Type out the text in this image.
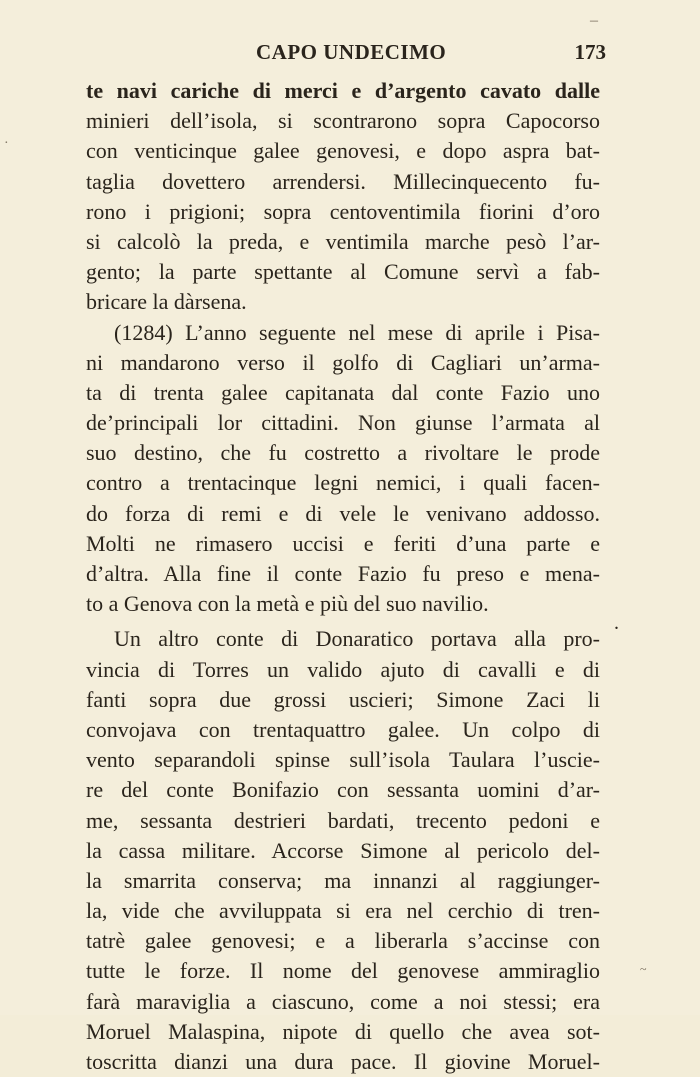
–
·
.
~
CAPO UNDECIMO	173
te navi cariche di merci e d’argento cavato dalle
minieri dell’isola, si scontrarono sopra Capocorso
con venticinque galee genovesi, e dopo aspra bat-
taglia dovettero arrendersi. Millecinquecento fu-
rono i prigioni; sopra centoventimila fiorini d’oro
si calcolò la preda, e ventimila marche pesò l’ar-
gento; la parte spettante al Comune servì a fab-
bricare la dàrsena.
(1284) L’anno seguente nel mese di aprile i Pisa-
ni mandarono verso il golfo di Cagliari un’arma-
ta di trenta galee capitanata dal conte Fazio uno
de’principali lor cittadini. Non giunse l’armata al
suo destino, che fu costretto a rivoltare le prode
contro a trentacinque legni nemici, i quali facen-
do forza di remi e di vele le venivano addosso.
Molti ne rimasero uccisi e feriti d’una parte e
d’altra. Alla fine il conte Fazio fu preso e mena-
to a Genova con la metà e più del suo navilio.
Un altro conte di Donaratico portava alla pro-
vincia di Torres un valido ajuto di cavalli e di
fanti sopra due grossi uscieri; Simone Zaci li
convojava con trentaquattro galee. Un colpo di
vento separandoli spinse sull’isola Taulara l’uscie-
re del conte Bonifazio con sessanta uomini d’ar-
me, sessanta destrieri bardati, trecento pedoni e
la cassa militare. Accorse Simone al pericolo del-
la smarrita conserva; ma innanzi al raggiunger-
la, vide che avviluppata si era nel cerchio di tren-
tatrè galee genovesi; e a liberarla s’accinse con
tutte le forze. Il nome del genovese ammiraglio
farà maraviglia a ciascuno, come a noi stessi; era
Moruel Malaspina, nipote di quello che avea sot-
toscritta dianzi una dura pace. Il giovine Moruel-
